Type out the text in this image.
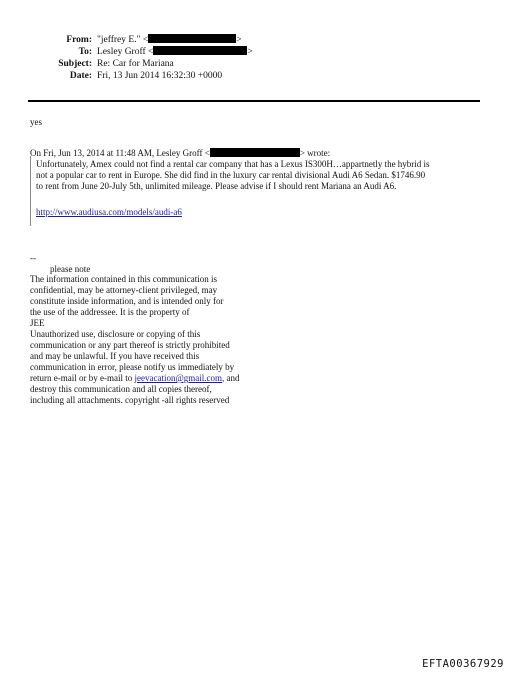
From: "jeffrey E." <	>
To: Lesley Groff <	>
Subject: Re: Car for Mariana
Date: Fri, 13 Jun 2014 16:32:30 +0000
yes
On Fri, Jun 13, 2014 at 11:48 AM, Lesley Groff <	> wrote:
Unfortunately, Amex could not find a rental car company that has a Lexus IS300H…appartnetly the hybrid is
not a popular car to rent in Europe. She did find in the luxury car rental divisional Audi A6 Sedan. $1746.90
to rent from June 20-July 5th, unlimited mileage. Please advise if I should rent Mariana an Audi A6.
http://www.audiusa.com/models/audi-a6
--
please note
The information contained in this communication is
confidential, may be attorney-client privileged, may
constitute inside information, and is intended only for
the use of the addressee. It is the property of
JEE
Unauthorized use, disclosure or copying of this
communication or any part thereof is strictly prohibited
and may be unlawful. If you have received this
communication in error, please notify us immediately by
return e-mail or by e-mail to jeevacation@gmail.com, and
destroy this communication and all copies thereof,
including all attachments. copyright -all rights reserved
EFTA00367929
